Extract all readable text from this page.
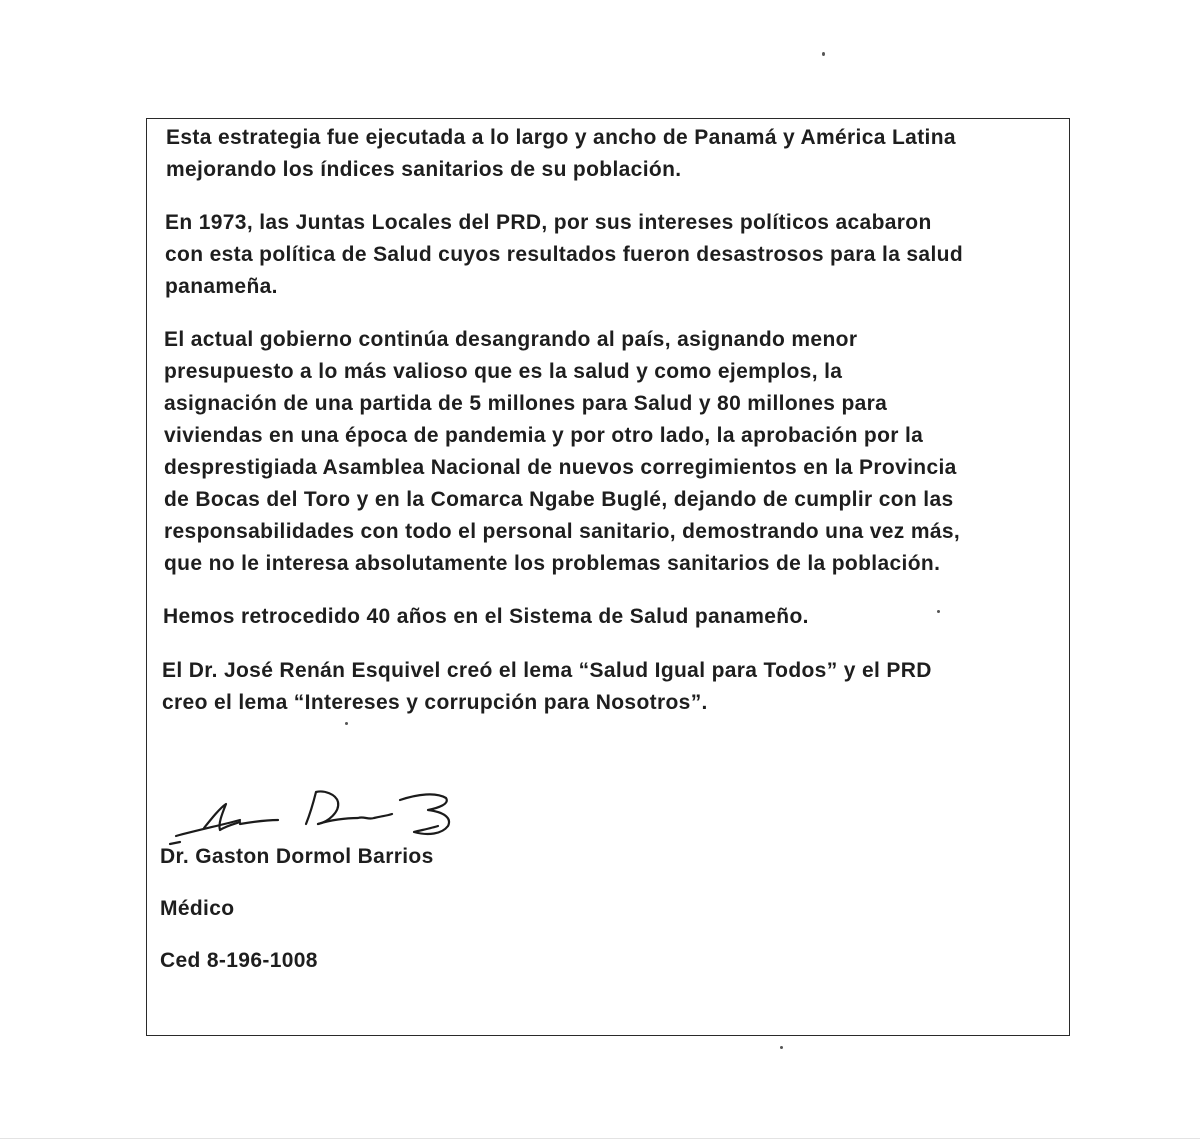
Esta estrategia fue ejecutada a lo largo y ancho de Panamá y América Latina
mejorando los índices sanitarios de su población.

En 1973, las Juntas Locales del PRD, por sus intereses políticos acabaron
con esta política de Salud cuyos resultados fueron desastrosos para la salud
panameña.

El actual gobierno continúa desangrando al país, asignando menor
presupuesto a lo más valioso que es la salud y como ejemplos, la
asignación de una partida de 5 millones para Salud y 80 millones para
viviendas en una época de pandemia y por otro lado, la aprobación por la
desprestigiada Asamblea Nacional de nuevos corregimientos en la Provincia
de Bocas del Toro y en la Comarca Ngabe Buglé, dejando de cumplir con las
responsabilidades con todo el personal sanitario, demostrando una vez más,
que no le interesa absolutamente los problemas sanitarios de la población.

Hemos retrocedido 40 años en el Sistema de Salud panameño.

El Dr. José Renán Esquivel creó el lema “Salud Igual para Todos” y el PRD
creo el lema “Intereses y corrupción para Nosotros”.

Dr. Gaston Dormol Barrios
Médico
Ced 8-196-1008
